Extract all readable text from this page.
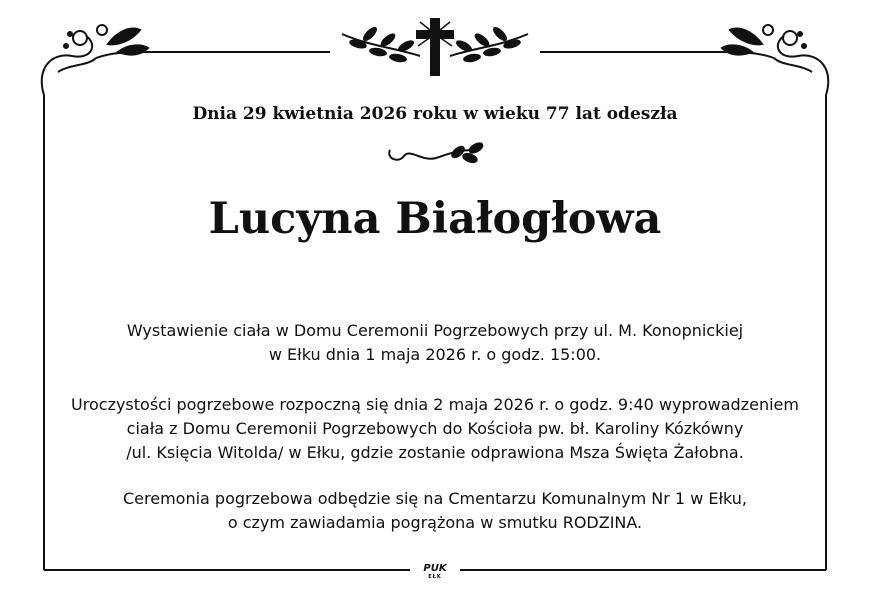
Dnia 29 kwietnia 2026 roku w wieku 77 lat odeszła
Lucyna Białogłowa
Wystawienie ciała w Domu Ceremonii Pogrzebowych przy ul. M. Konopnickiej
w Ełku dnia 1 maja 2026 r. o godz. 15:00.
Uroczystości pogrzebowe rozpoczną się dnia 2 maja 2026 r. o godz. 9:40 wyprowadzeniem
ciała z Domu Ceremonii Pogrzebowych do Kościoła pw. bł. Karoliny Kózkówny
/ul. Księcia Witolda/ w Ełku, gdzie zostanie odprawiona Msza Święta Żałobna.
Ceremonia pogrzebowa odbędzie się na Cmentarzu Komunalnym Nr 1 w Ełku,
o czym zawiadamia pogrążona w smutku RODZINA.
PUK
EŁK
